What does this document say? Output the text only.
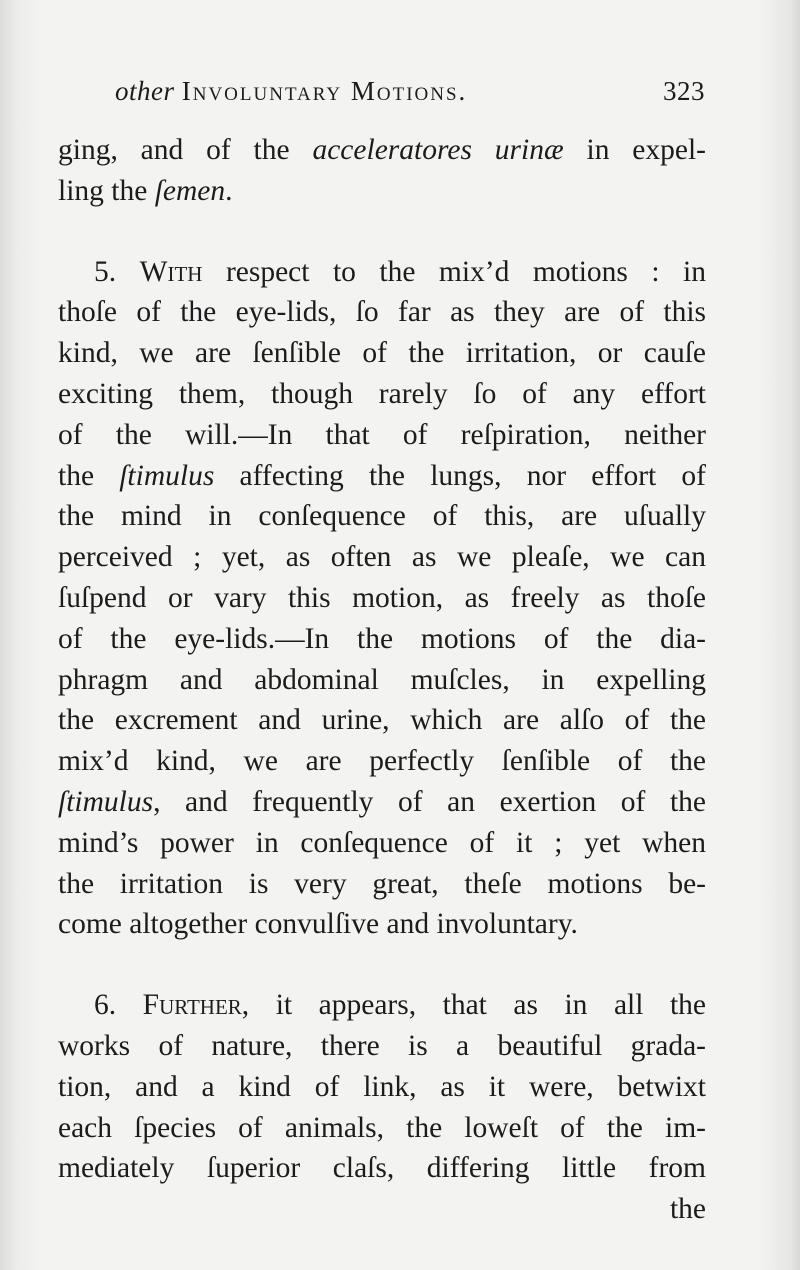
other Involuntary Motions.	323
ging, and of the acceleratores urinæ in expel-
ling the ſemen.
5. With respect to the mix’d motions : in
thoſe of the eye-lids, ſo far as they are of this
kind, we are ſenſible of the irritation, or cauſe
exciting them, though rarely ſo of any effort
of the will.—In that of reſpiration, neither
the ſtimulus affecting the lungs, nor effort of
the mind in conſequence of this, are uſually
perceived ; yet, as often as we pleaſe, we can
ſuſpend or vary this motion, as freely as thoſe
of the eye-lids.—In the motions of the dia-
phragm and abdominal muſcles, in expelling
the excrement and urine, which are alſo of the
mix’d kind, we are perfectly ſenſible of the
ſtimulus, and frequently of an exertion of the
mind’s power in conſequence of it ; yet when
the irritation is very great, theſe motions be-
come altogether convulſive and involuntary.
6. Further, it appears, that as in all the
works of nature, there is a beautiful grada-
tion, and a kind of link, as it were, betwixt
each ſpecies of animals, the loweſt of the im-
mediately ſuperior claſs, differing little from
the
